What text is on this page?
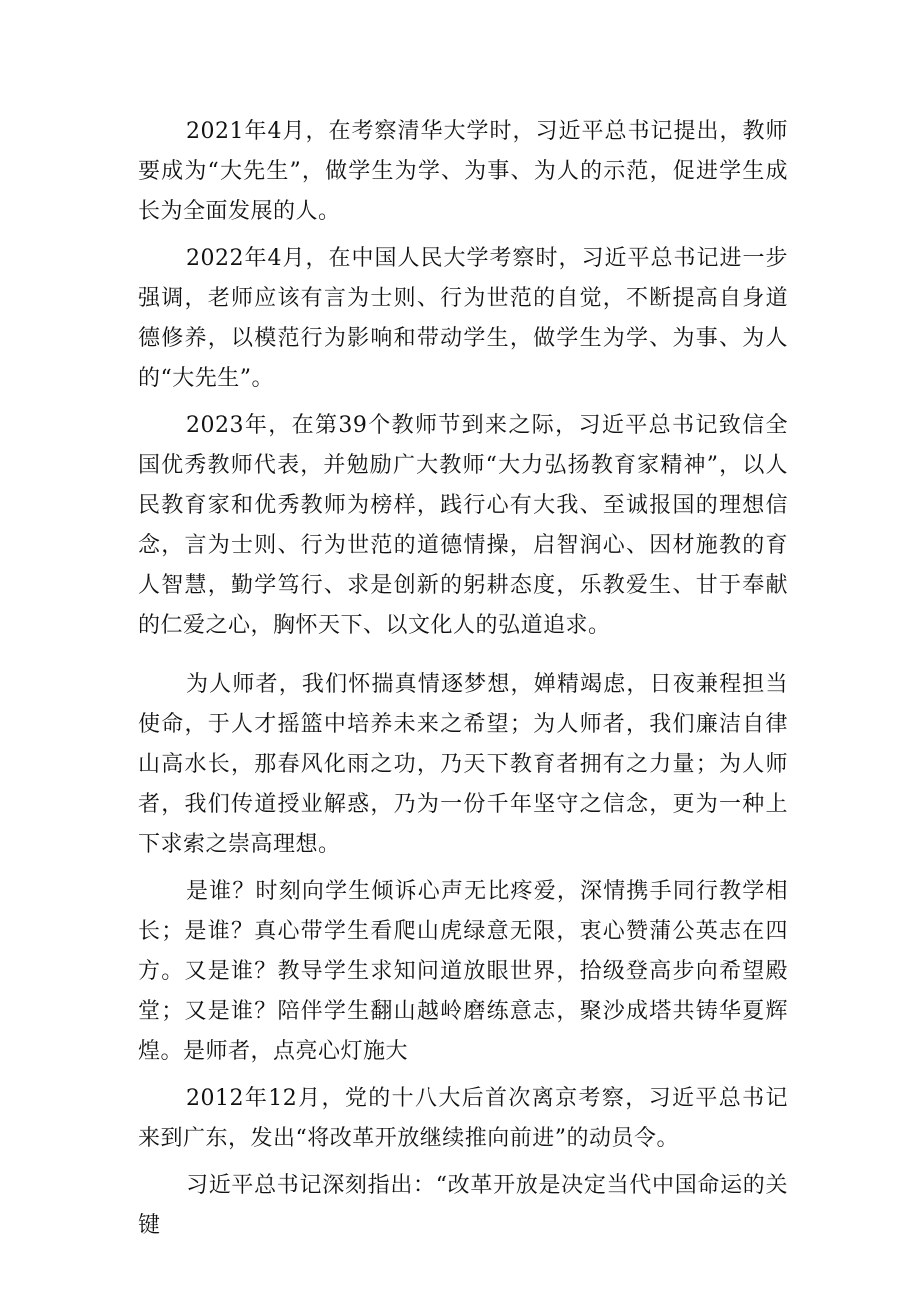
2021年4月，在考察清华大学时，习近平总书记提出，教师要成为“大先生”，做学生为学、为事、为人的示范，促进学生成长为全面发展的人。

2022年4月，在中国人民大学考察时，习近平总书记进一步强调，老师应该有言为士则、行为世范的自觉，不断提高自身道德修养，以模范行为影响和带动学生，做学生为学、为事、为人的“大先生”。

2023年，在第39个教师节到来之际，习近平总书记致信全国优秀教师代表，并勉励广大教师“大力弘扬教育家精神”，以人民教育家和优秀教师为榜样，践行心有大我、至诚报国的理想信念，言为士则、行为世范的道德情操，启智润心、因材施教的育人智慧，勤学笃行、求是创新的躬耕态度，乐教爱生、甘于奉献的仁爱之心，胸怀天下、以文化人的弘道追求。

为人师者，我们怀揣真情逐梦想，婵精竭虑，日夜兼程担当使命，于人才摇篮中培养未来之希望；为人师者，我们廉洁自律山高水长，那春风化雨之功，乃天下教育者拥有之力量；为人师者，我们传道授业解惑，乃为一份千年坚守之信念，更为一种上下求索之崇高理想。

是谁？时刻向学生倾诉心声无比疼爱，深情携手同行教学相长；是谁？真心带学生看爬山虎绿意无限，衷心赞蒲公英志在四方。又是谁？教导学生求知问道放眼世界，拾级登高步向希望殿堂；又是谁？陪伴学生翻山越岭磨练意志，聚沙成塔共铸华夏辉煌。是师者，点亮心灯施大

2012年12月，党的十八大后首次离京考察，习近平总书记来到广东，发出“将改革开放继续推向前进”的动员令。

习近平总书记深刻指出：“改革开放是决定当代中国命运的关键
